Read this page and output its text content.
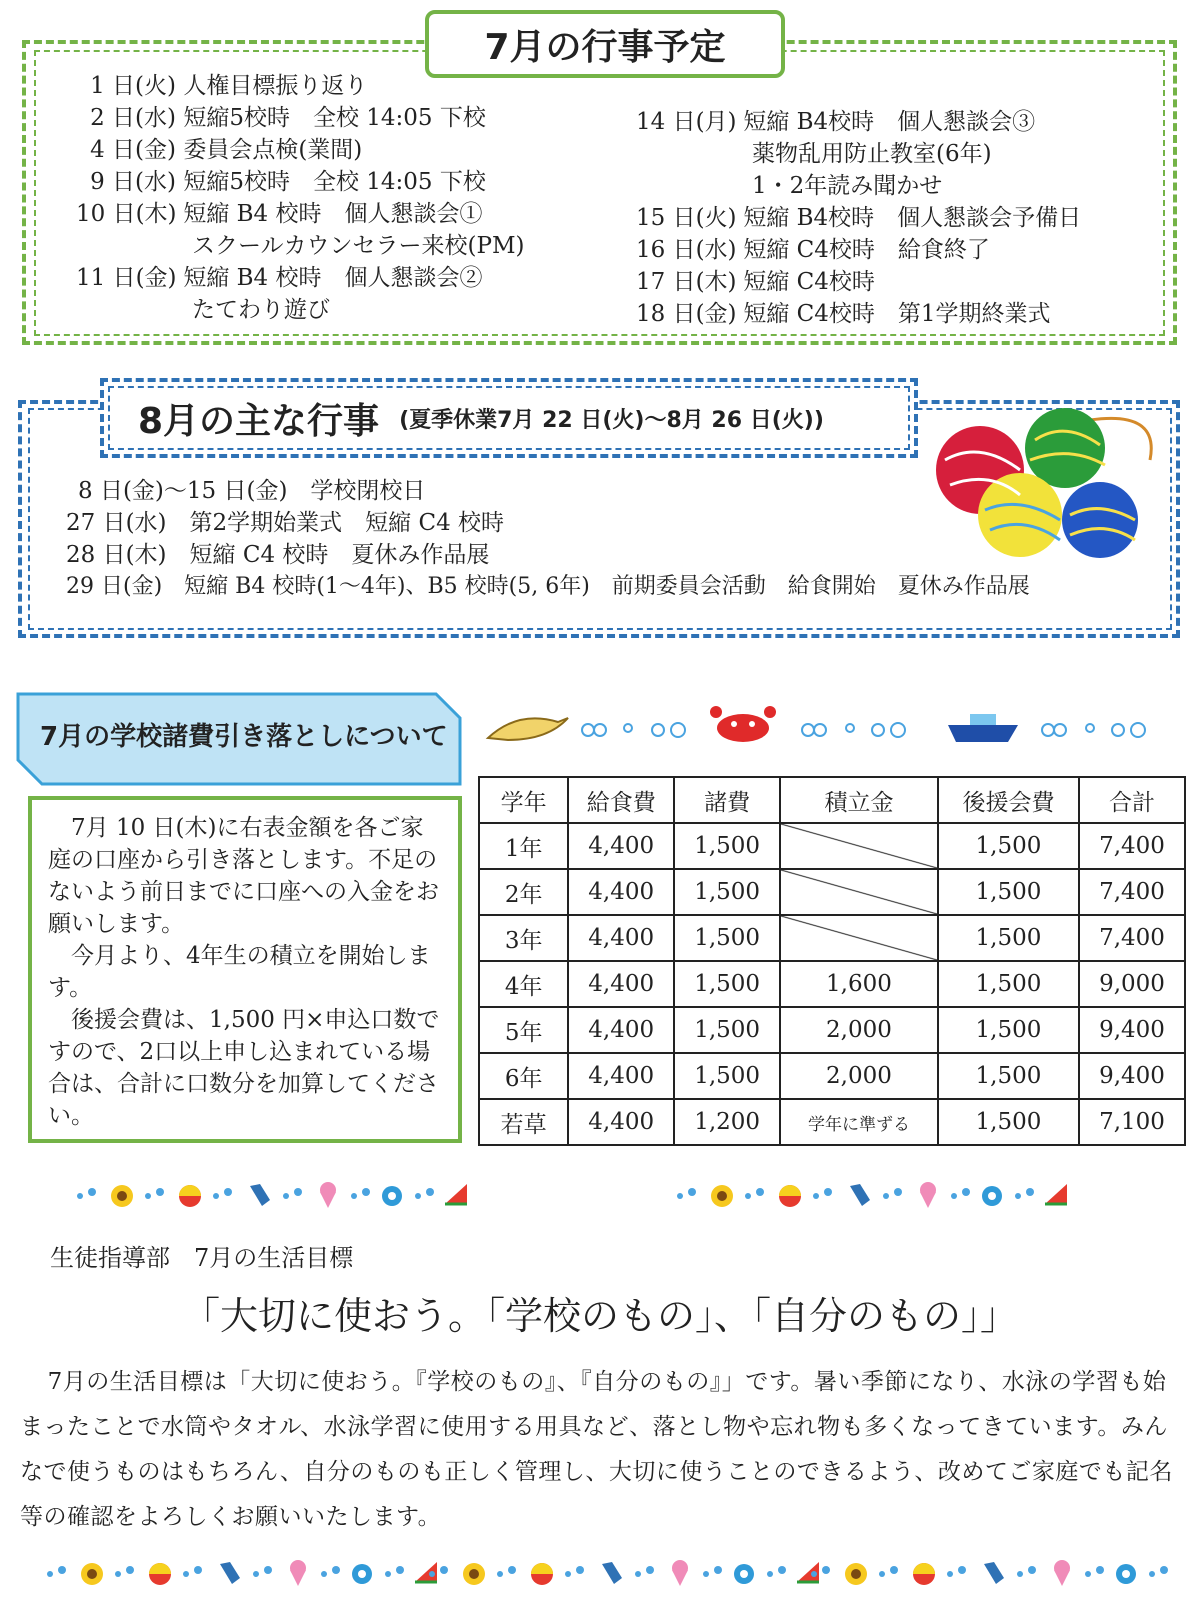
7月の行事予定
1 日(火) 人権目標振り返り
2 日(水) 短縮5校時　全校 14:05 下校
4 日(金) 委員会点検(業間)
9 日(水) 短縮5校時　全校 14:05 下校
10 日(木) 短縮 B4 校時　個人懇談会①
スクールカウンセラー来校(PM)
11 日(金) 短縮 B4 校時　個人懇談会②
たてわり遊び
14 日(月) 短縮 B4校時　個人懇談会③
薬物乱用防止教室(6年)
1・2年読み聞かせ
15 日(火) 短縮 B4校時　個人懇談会予備日
16 日(水) 短縮 C4校時　給食終了
17 日(木) 短縮 C4校時
18 日(金) 短縮 C4校時　第1学期終業式
8月の主な行事 (夏季休業7月 22 日(火)～8月 26 日(火))
8 日(金)～15 日(金)　 学校閉校日
27 日(水)　 第2学期始業式　短縮 C4 校時
28 日(木)　 短縮 C4 校時　夏休み作品展
29 日(金)　 短縮 B4 校時(1～4年)、B5 校時(5, 6年)　前期委員会活動　給食開始　夏休み作品展
7月の学校諸費引き落としについて

7月 10 日(木)に右表金額を各ご家庭の口座から引き落とします。不足のないよう前日までに口座への入金をお願いします。

今月より、4年生の積立を開始します。

後援会費は、1,500 円×申込口数ですので、2口以上申し込まれている場合は、合計に口数分を加算してください。

学年	給食費	諸費	積立金	後援会費	合計
1年	4,400	1,500		1,500	7,400
2年	4,400	1,500		1,500	7,400
3年	4,400	1,500		1,500	7,400
4年	4,400	1,500	1,600	1,500	9,000
5年	4,400	1,500	2,000	1,500	9,400
6年	4,400	1,500	2,000	1,500	9,400
若草	4,400	1,200	学年に準ずる	1,500	7,100
生徒指導部　7月の生活目標
「大切に使おう。「学校のもの」、「自分のもの」」
7月の生活目標は「大切に使おう。『学校のもの』、『自分のもの』」です。暑い季節になり、水泳の学習も始まったことで水筒やタオル、水泳学習に使用する用具など、落とし物や忘れ物も多くなってきています。みんなで使うものはもちろん、自分のものも正しく管理し、大切に使うことのできるよう、改めてご家庭でも記名等の確認をよろしくお願いいたします。
